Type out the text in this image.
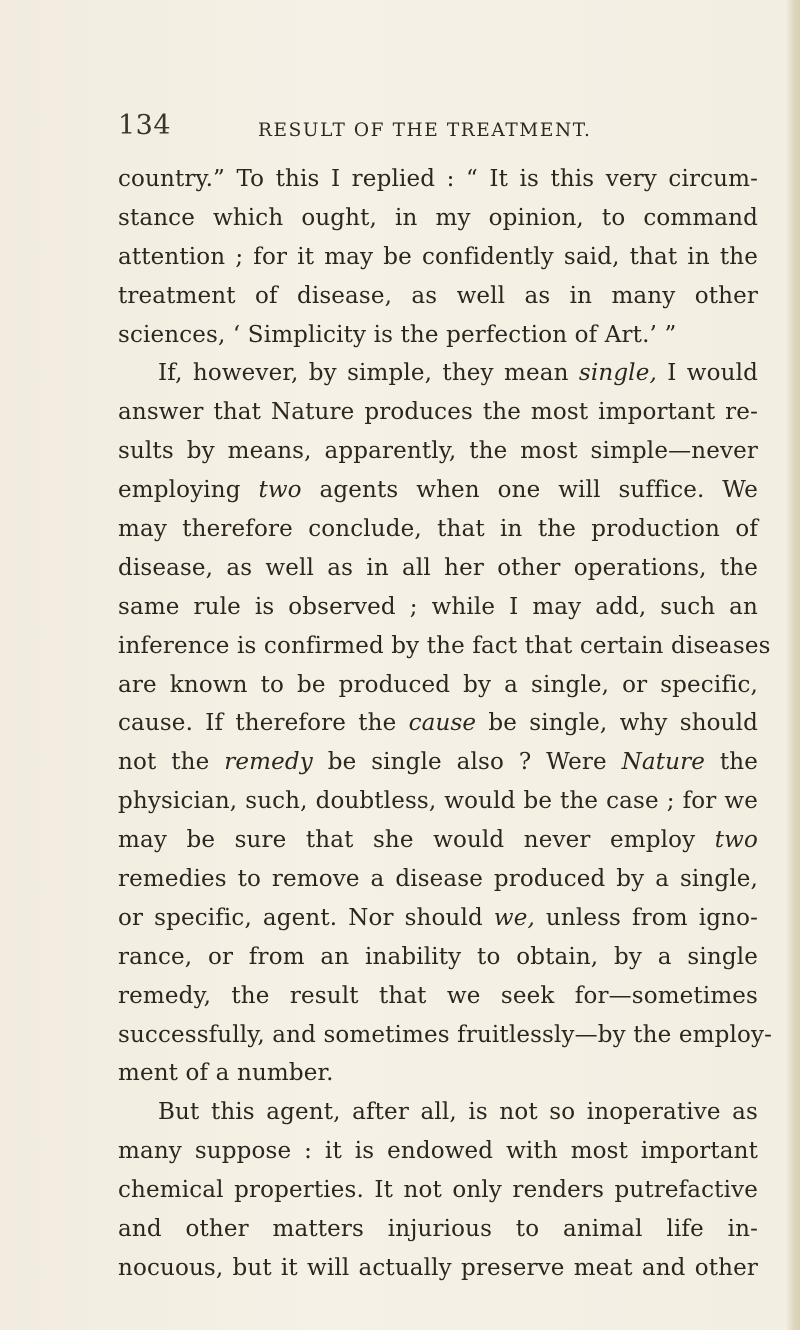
134	RESULT OF THE TREATMENT.
country.” To this I replied : “ It is this very circum-
stance which ought, in my opinion, to command
attention ; for it may be confidently said, that in the
treatment of disease, as well as in many other
sciences, ‘ Simplicity is the perfection of Art.’ ”
If, however, by simple, they mean single, I would
answer that Nature produces the most important re-
sults by means, apparently, the most simple—never
employing two agents when one will suffice. We
may therefore conclude, that in the production of
disease, as well as in all her other operations, the
same rule is observed ; while I may add, such an
inference is confirmed by the fact that certain diseases
are known to be produced by a single, or specific,
cause. If therefore the cause be single, why should
not the remedy be single also ? Were Nature the
physician, such, doubtless, would be the case ; for we
may be sure that she would never employ two
remedies to remove a disease produced by a single,
or specific, agent. Nor should we, unless from igno-
rance, or from an inability to obtain, by a single
remedy, the result that we seek for—sometimes
successfully, and sometimes fruitlessly—by the employ-
ment of a number.
But this agent, after all, is not so inoperative as
many suppose : it is endowed with most important
chemical properties. It not only renders putrefactive
and other matters injurious to animal life in-
nocuous, but it will actually preserve meat and other
